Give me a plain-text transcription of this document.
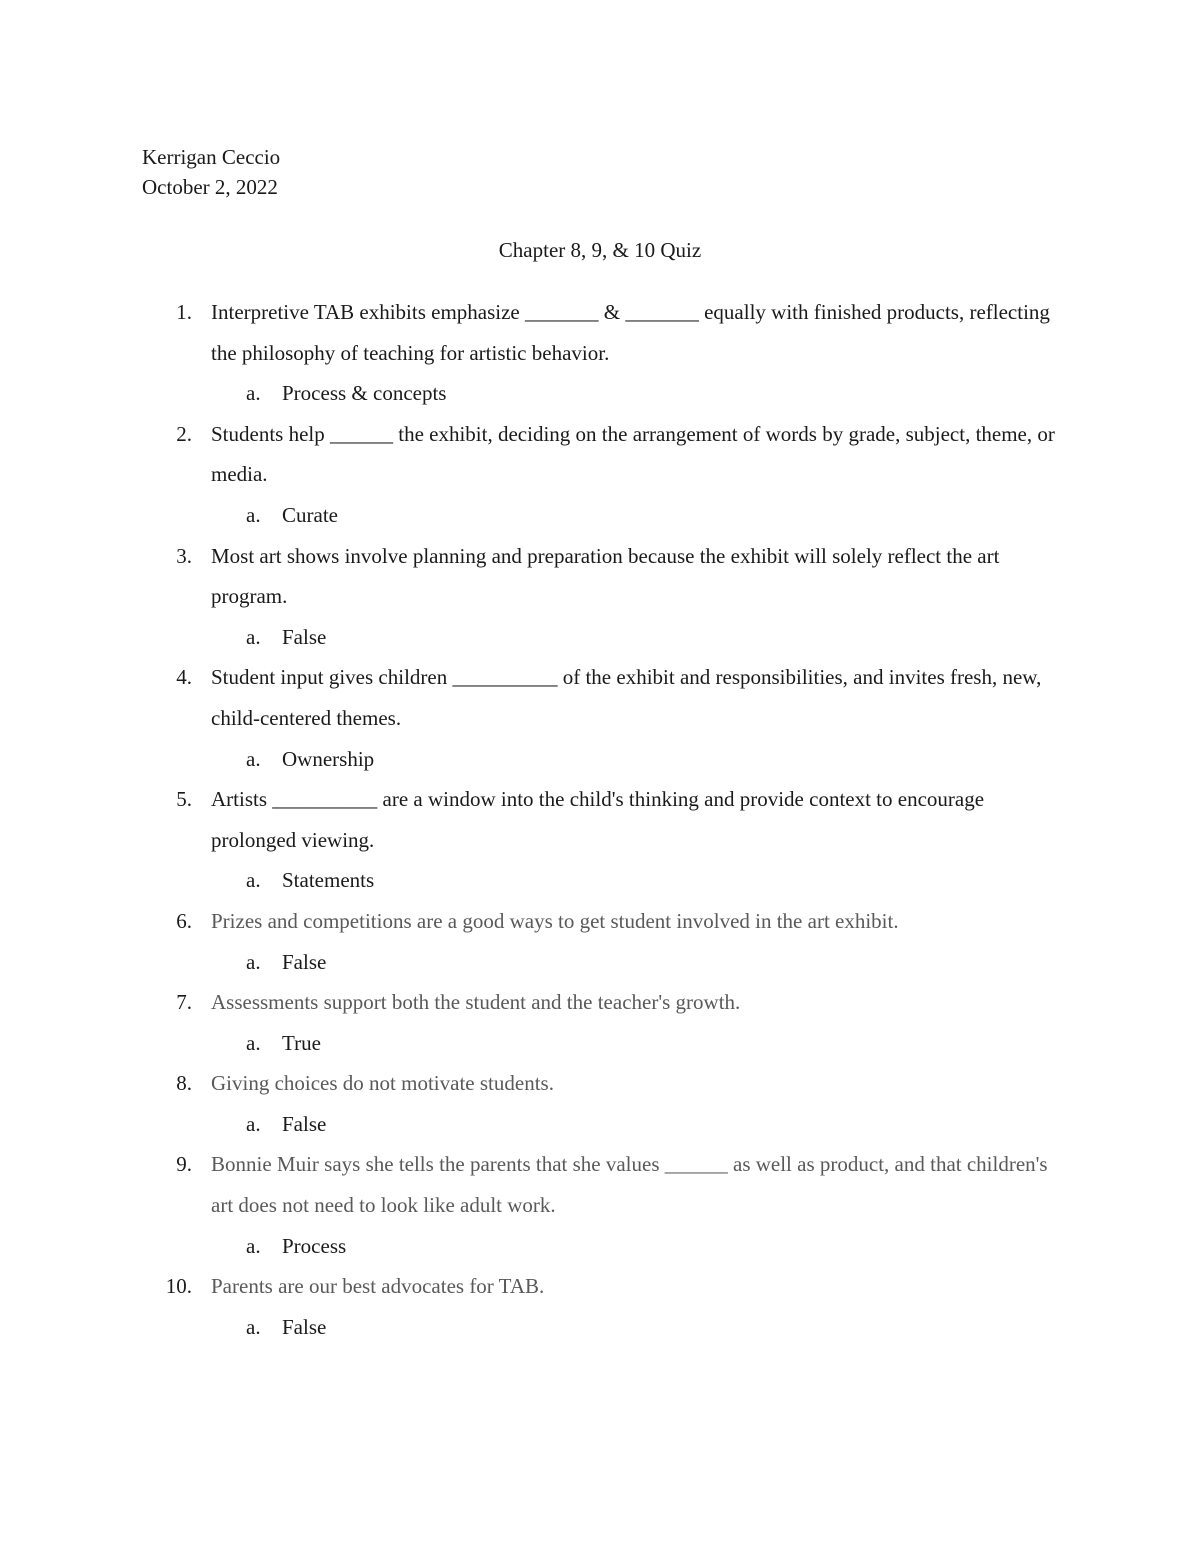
Kerrigan Ceccio
October 2, 2022
Chapter 8, 9, & 10 Quiz
1. Interpretive TAB exhibits emphasize _______ & _______ equally with finished products, reflecting the philosophy of teaching for artistic behavior.
a. Process & concepts
2. Students help ______ the exhibit, deciding on the arrangement of words by grade, subject, theme, or media.
a. Curate
3. Most art shows involve planning and preparation because the exhibit will solely reflect the art program.
a. False
4. Student input gives children __________ of the exhibit and responsibilities, and invites fresh, new, child-centered themes.
a. Ownership
5. Artists __________ are a window into the child's thinking and provide context to encourage prolonged viewing.
a. Statements
6. Prizes and competitions are a good ways to get student involved in the art exhibit.
a. False
7. Assessments support both the student and the teacher's growth.
a. True
8. Giving choices do not motivate students.
a. False
9. Bonnie Muir says she tells the parents that she values ______ as well as product, and that children's art does not need to look like adult work.
a. Process
10. Parents are our best advocates for TAB.
a. False
